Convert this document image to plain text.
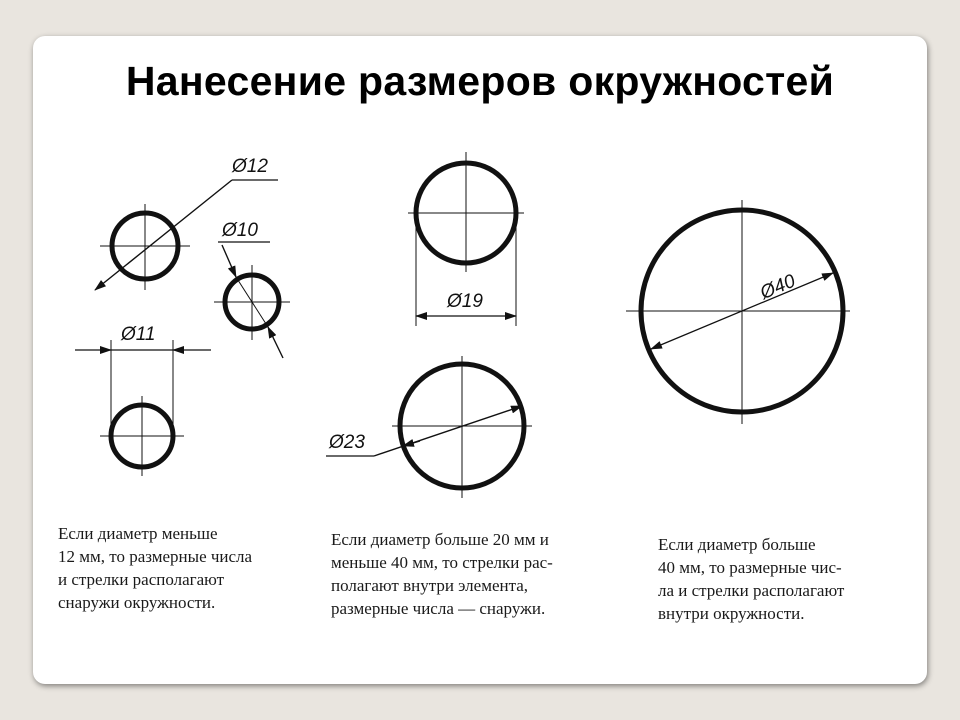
Нанесение размеров окружностей
Ø12
Ø10
Ø11
Ø19
Ø23
Ø40
Если диаметр меньше
12 мм, то размерные числа
и стрелки располагают
снаружи окружности.
Если диаметр больше 20 мм и
меньше 40 мм, то стрелки рас-
полагают внутри элемента,
размерные числа — снаружи.
Если диаметр больше
40 мм, то размерные чис-
ла и стрелки располагают
внутри окружности.
